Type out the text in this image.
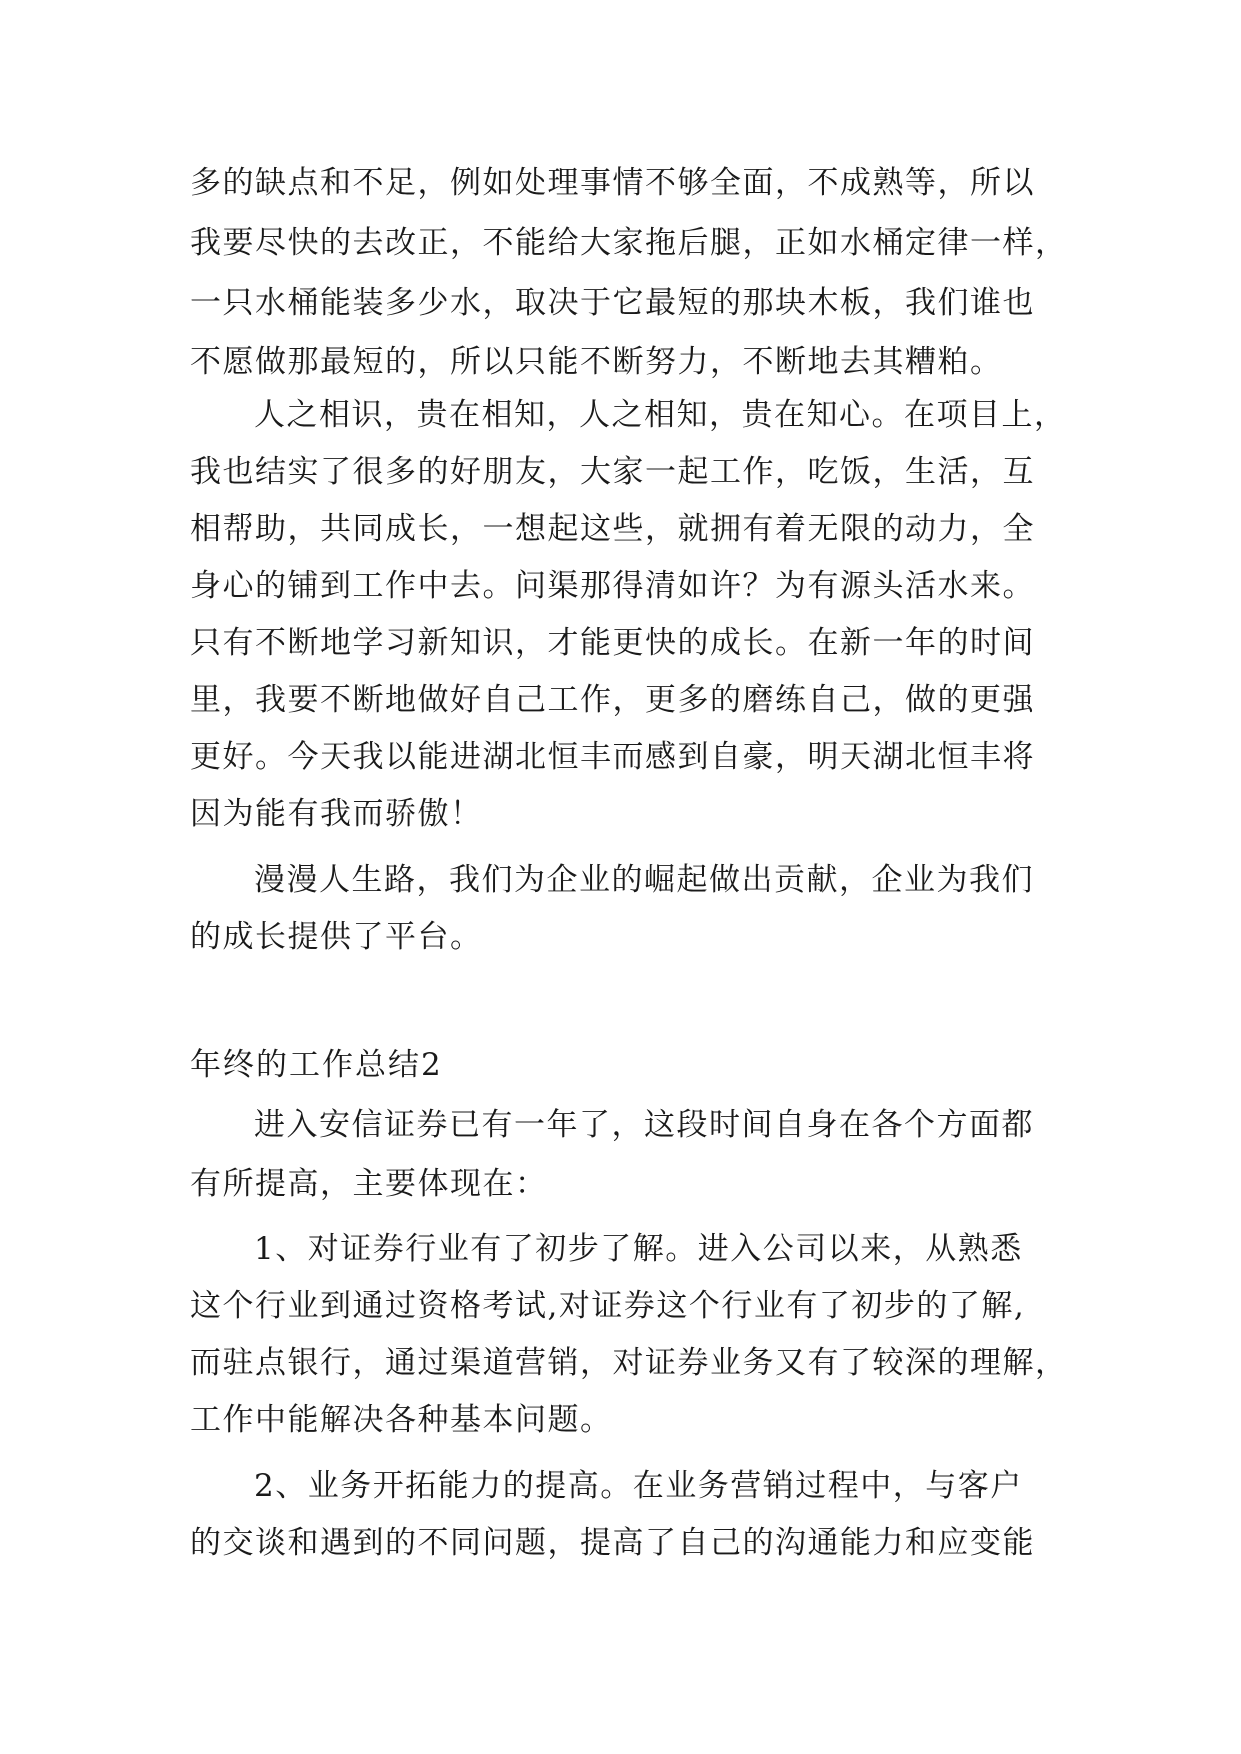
多的缺点和不足，例如处理事情不够全面，不成熟等，所以
我要尽快的去改正，不能给大家拖后腿，正如水桶定律一样，
一只水桶能装多少水，取决于它最短的那块木板，我们谁也
不愿做那最短的，所以只能不断努力，不断地去其糟粕。
人之相识，贵在相知，人之相知，贵在知心。在项目上，
我也结实了很多的好朋友，大家一起工作，吃饭，生活，互
相帮助，共同成长，一想起这些，就拥有着无限的动力，全
身心的铺到工作中去。问渠那得清如许？为有源头活水来。
只有不断地学习新知识，才能更快的成长。在新一年的时间
里，我要不断地做好自己工作，更多的磨练自己，做的更强
更好。今天我以能进湖北恒丰而感到自豪，明天湖北恒丰将
因为能有我而骄傲！
漫漫人生路，我们为企业的崛起做出贡献，企业为我们
的成长提供了平台。
年终的工作总结2
进入安信证券已有一年了，这段时间自身在各个方面都
有所提高，主要体现在：
1、对证券行业有了初步了解。进入公司以来，从熟悉
这个行业到通过资格考试,对证券这个行业有了初步的了解,
而驻点银行，通过渠道营销，对证券业务又有了较深的理解，
工作中能解决各种基本问题。
2、业务开拓能力的提高。在业务营销过程中，与客户
的交谈和遇到的不同问题，提高了自己的沟通能力和应变能
